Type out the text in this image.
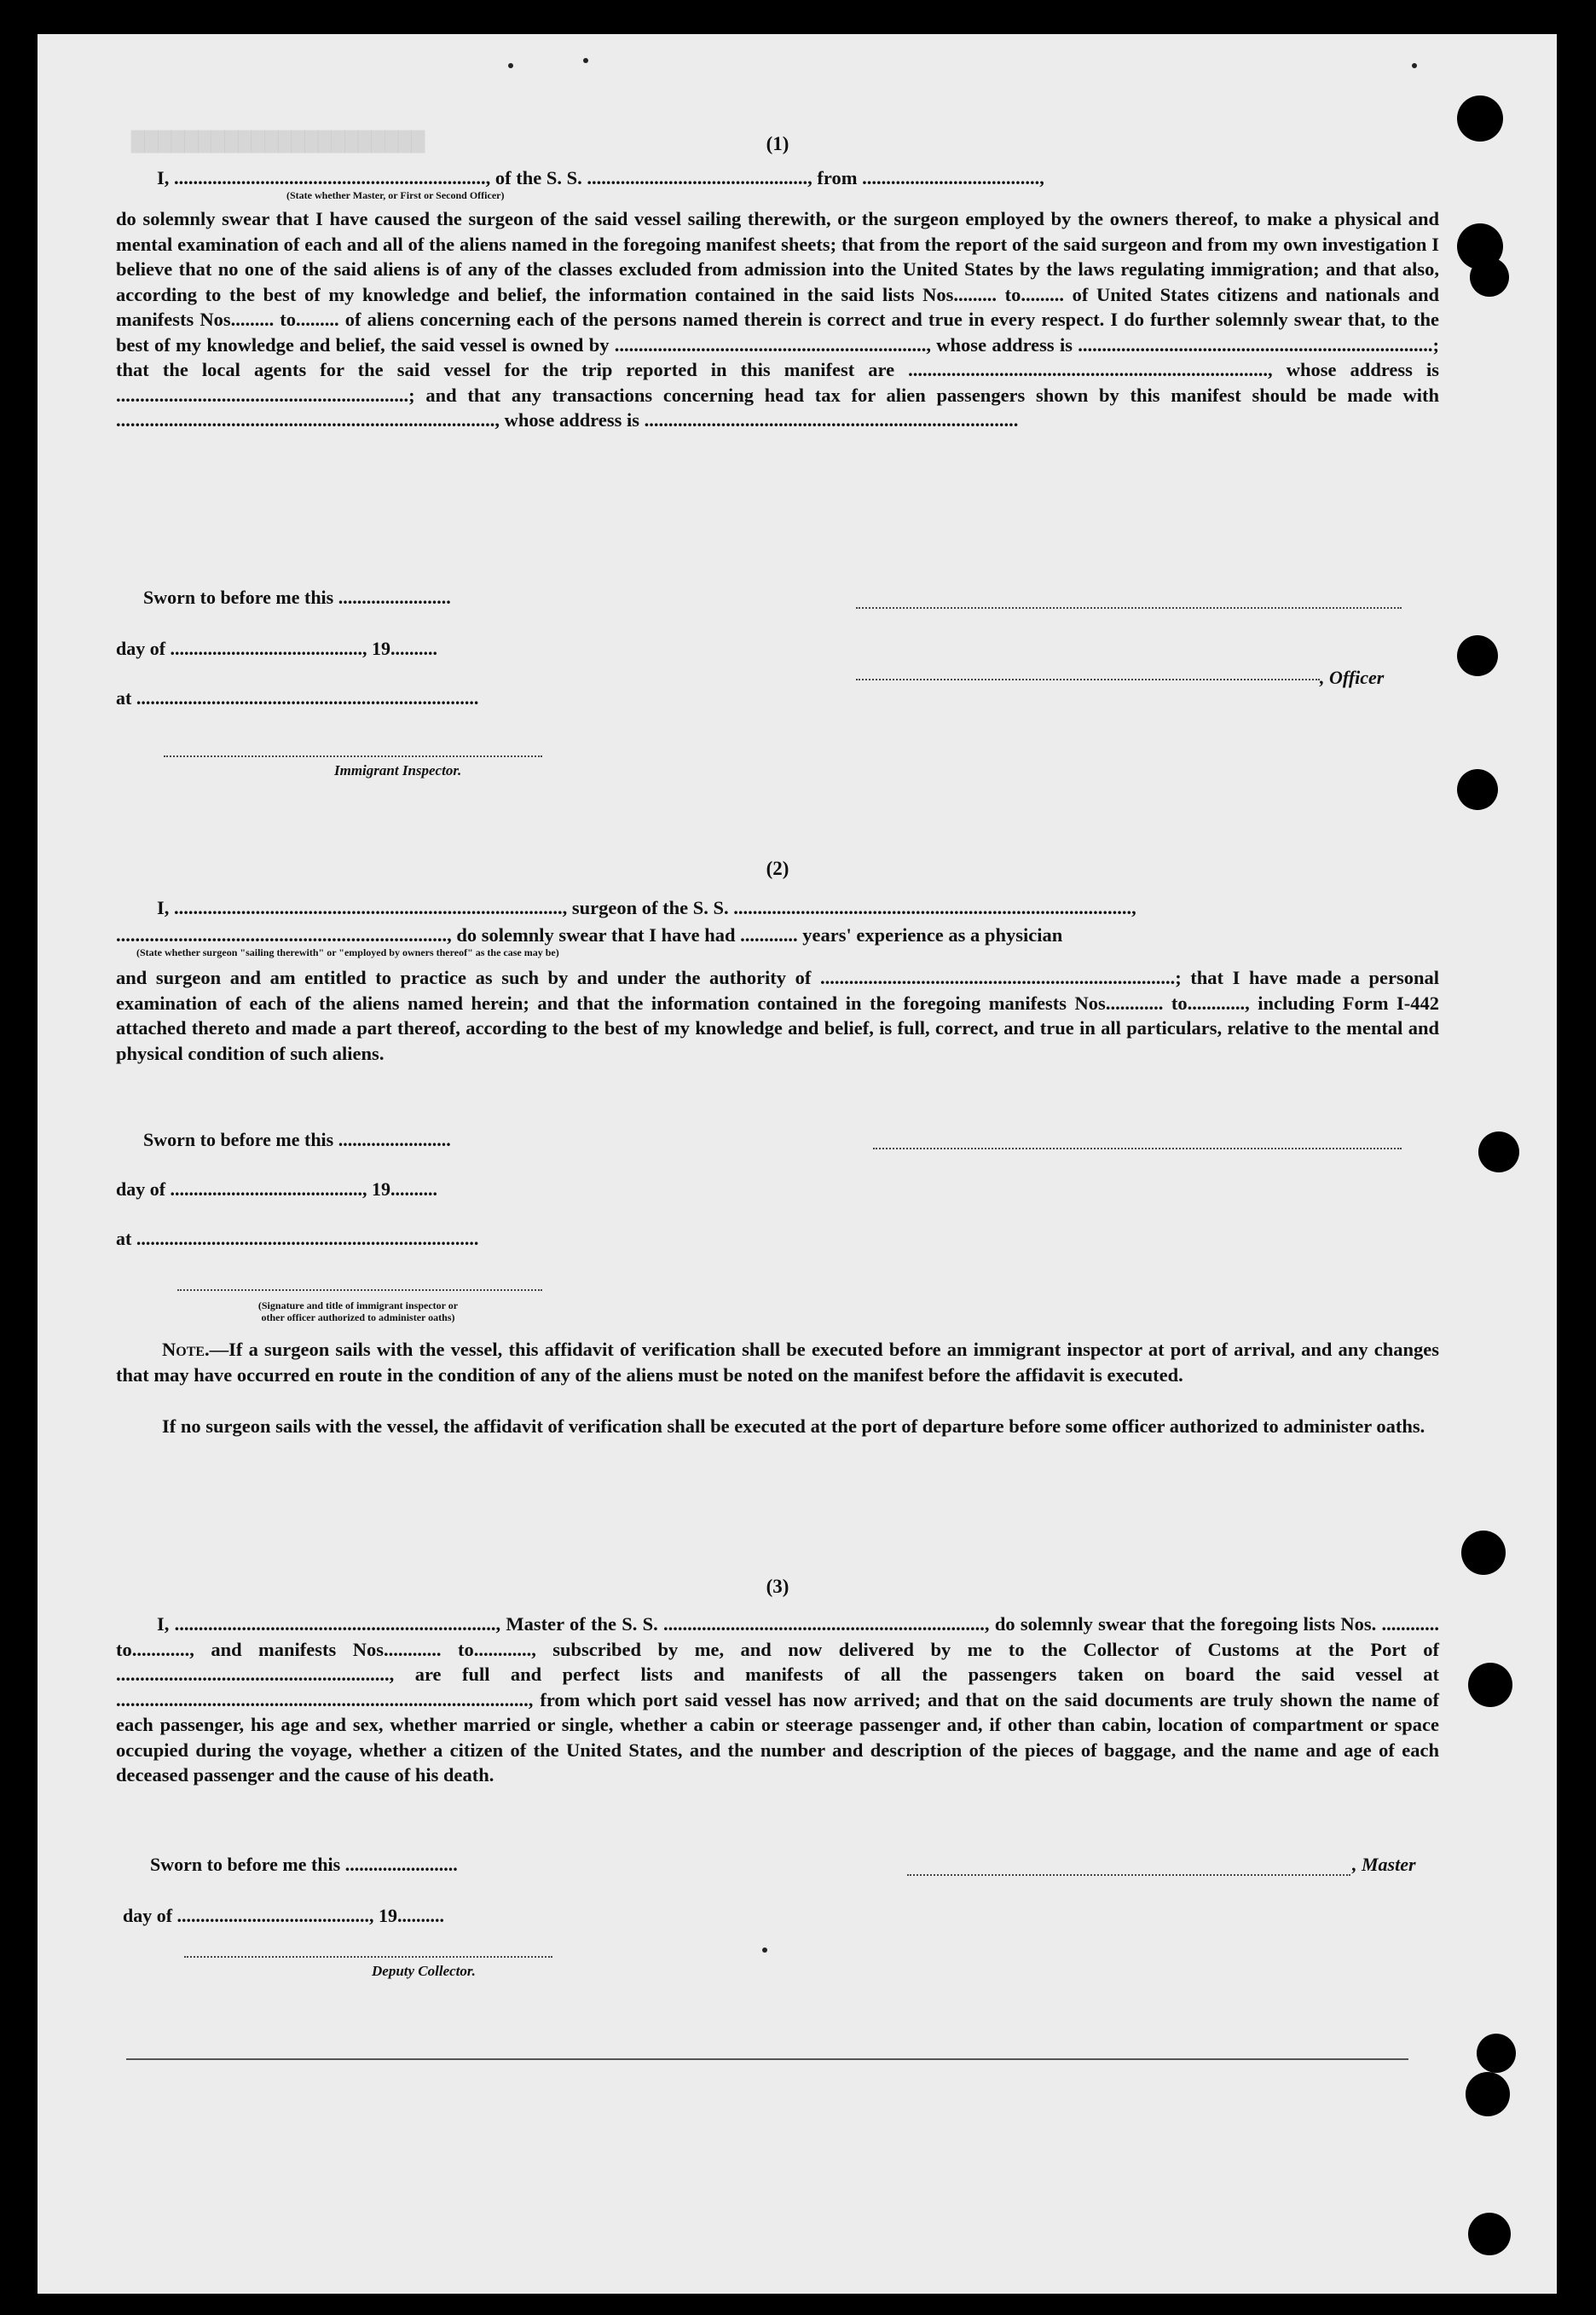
▇▇▇▇▇▇▇▇▇▇▇▇▇▇▇▇▇▇▇▇▇▇	(1)
I, ................................................................., of the S. S. .............................................., from .....................................,
(State whether Master, or First or Second Officer)

do solemnly swear that I have caused the surgeon of the said vessel sailing therewith, or the surgeon employed by the owners thereof, to make a physical and mental examination of each and all of the aliens named in the foregoing manifest sheets; that from the report of the said surgeon and from my own investigation I believe that no one of the said aliens is of any of the classes excluded from admission into the United States by the laws regulating immigration; and that also, according to the best of my knowledge and belief, the information contained in the said lists Nos......... to......... of United States citizens and nationals and manifests Nos......... to......... of aliens concerning each of the persons named therein is correct and true in every respect. I do further solemnly swear that, to the best of my knowledge and belief, the said vessel is owned by ................................................................., whose address is ..........................................................................; that the local agents for the said vessel for the trip reported in this manifest are ..........................................................................., whose address is .............................................................; and that any transactions concerning head tax for alien passengers shown by this manifest should be made with ..............................................................................., whose address is ..............................................................................

Sworn to before me this ........................
day of ........................................., 19..........
, Officer
at .........................................................................
Immigrant Inspector.
(2)
I, ................................................................................., surgeon of the S. S. ...................................................................................,
....................................................................., do solemnly swear that I have had ............ years' experience as a physician
(State whether surgeon "sailing therewith" or "employed by owners thereof" as the case may be)

and surgeon and am entitled to practice as such by and under the authority of ..........................................................................; that I have made a personal examination of each of the aliens named herein; and that the information contained in the foregoing manifests Nos............ to............, including Form I-442 attached thereto and made a part thereof, according to the best of my knowledge and belief, is full, correct, and true in all particulars, relative to the mental and physical condition of such aliens.

Sworn to before me this ........................
day of ........................................., 19..........
at .........................................................................
(Signature and title of immigrant inspector or
other officer authorized to administer oaths)

Note.—If a surgeon sails with the vessel, this affidavit of verification shall be executed before an immigrant inspector at port of arrival, and any changes that may have occurred en route in the condition of any of the aliens must be noted on the manifest before the affidavit is executed.

If no surgeon sails with the vessel, the affidavit of verification shall be executed at the port of departure before some officer authorized to administer oaths.

(3)

I, ..................................................................., Master of the S. S. ..................................................................., do solemnly swear that the foregoing lists Nos. ............ to............, and manifests Nos............ to............, subscribed by me, and now delivered by me to the Collector of Customs at the Port of ........................................................., are full and perfect lists and manifests of all the passengers taken on board the said vessel at ......................................................................................, from which port said vessel has now arrived; and that on the said documents are truly shown the name of each passenger, his age and sex, whether married or single, whether a cabin or steerage passenger and, if other than cabin, location of compartment or space occupied during the voyage, whether a citizen of the United States, and the number and description of the pieces of baggage, and the name and age of each deceased passenger and the cause of his death.

Sworn to before me this ........................	, Master
day of ........................................., 19..........
Deputy Collector.
